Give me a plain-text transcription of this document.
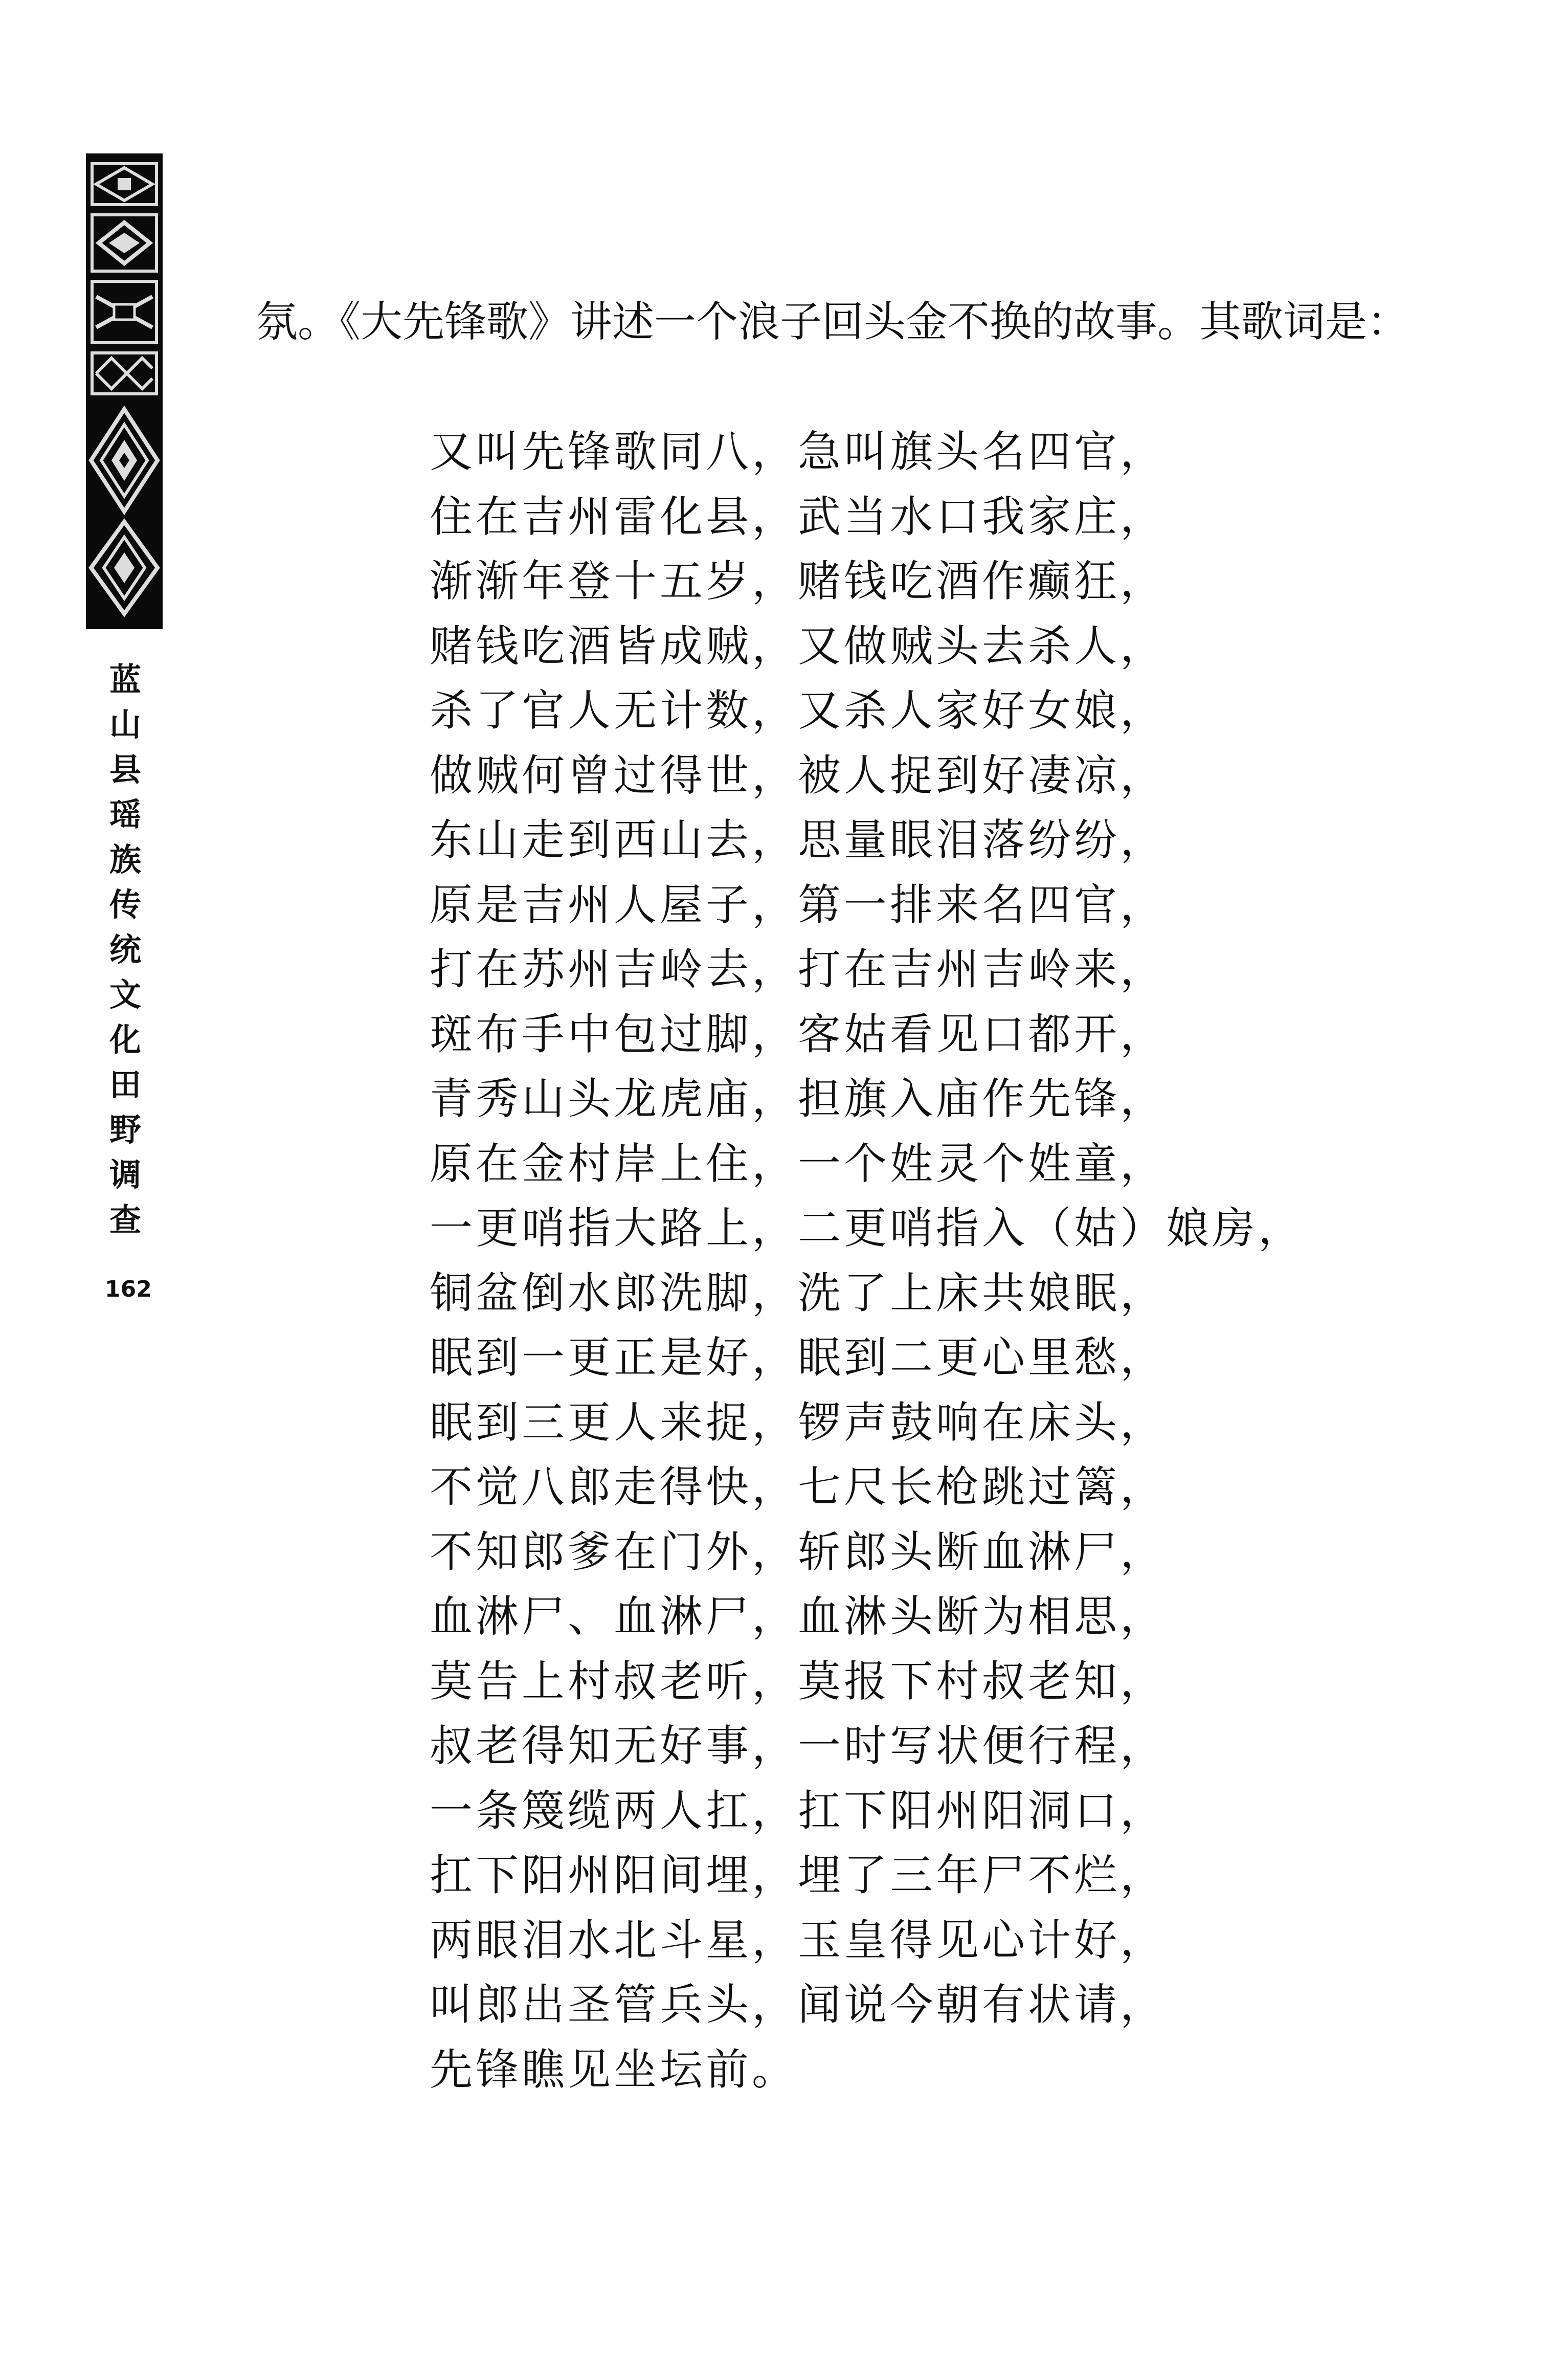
蓝山县瑶族传统文化田野调查
162
氛。《大先锋歌》讲述一个浪子回头金不换的故事。其歌词是：
又叫先锋歌同八，急叫旗头名四官，
住在吉州雷化县，武当水口我家庄，
渐渐年登十五岁，赌钱吃酒作癫狂，
赌钱吃酒皆成贼，又做贼头去杀人，
杀了官人无计数，又杀人家好女娘，
做贼何曾过得世，被人捉到好凄凉，
东山走到西山去，思量眼泪落纷纷，
原是吉州人屋子，第一排来名四官，
打在苏州吉岭去，打在吉州吉岭来，
斑布手中包过脚，客姑看见口都开，
青秀山头龙虎庙，担旗入庙作先锋，
原在金村岸上住，一个姓灵个姓童，
一更哨指大路上，二更哨指入（姑）娘房，
铜盆倒水郎洗脚，洗了上床共娘眠，
眠到一更正是好，眠到二更心里愁，
眠到三更人来捉，锣声鼓响在床头，
不觉八郎走得快，七尺长枪跳过篱，
不知郎爹在门外，斩郎头断血淋尸，
血淋尸、血淋尸，血淋头断为相思，
莫告上村叔老听，莫报下村叔老知，
叔老得知无好事，一时写状便行程，
一条篾缆两人扛，扛下阳州阳洞口，
扛下阳州阳间埋，埋了三年尸不烂，
两眼泪水北斗星，玉皇得见心计好，
叫郎出圣管兵头，闻说今朝有状请，
先锋瞧见坐坛前。
